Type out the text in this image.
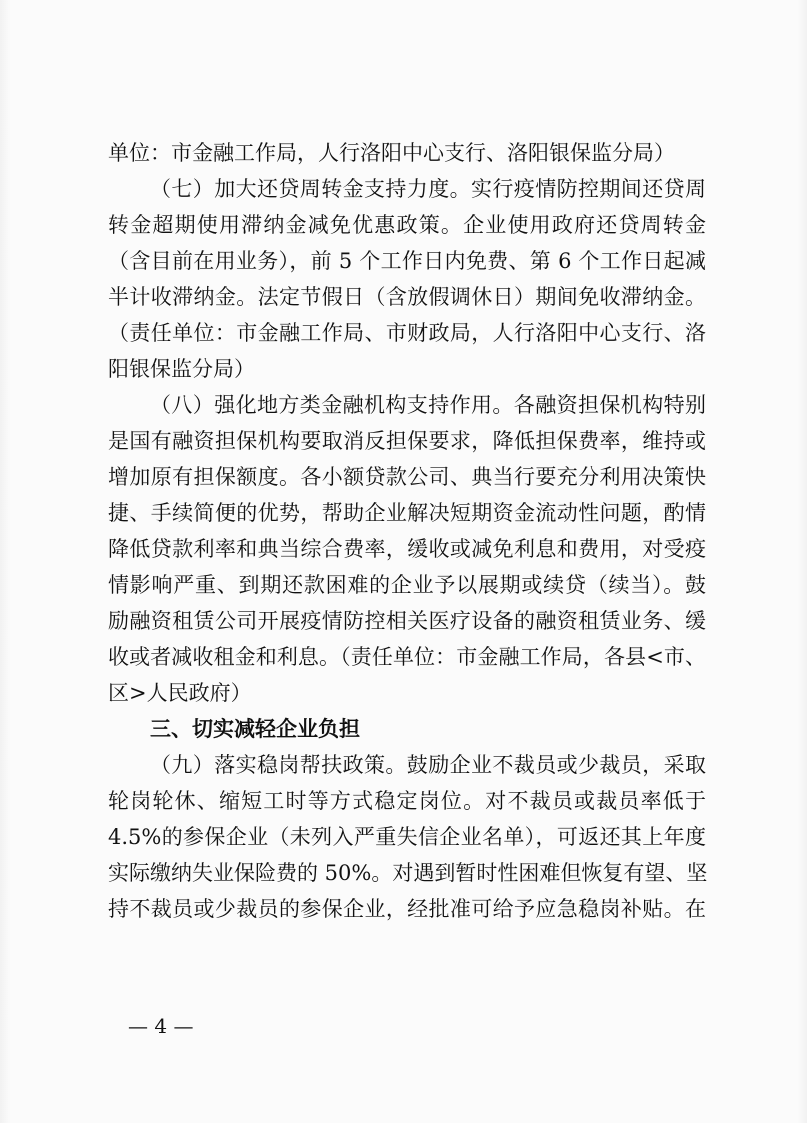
单位：市金融工作局，人行洛阳中心支行、洛阳银保监分局）
（七）加大还贷周转金支持力度。实行疫情防控期间还贷周
转金超期使用滞纳金减免优惠政策。企业使用政府还贷周转金
（含目前在用业务），前 5 个工作日内免费、第 6 个工作日起减
半计收滞纳金。法定节假日（含放假调休日）期间免收滞纳金。
（责任单位：市金融工作局、市财政局，人行洛阳中心支行、洛
阳银保监分局）
（八）强化地方类金融机构支持作用。各融资担保机构特别
是国有融资担保机构要取消反担保要求，降低担保费率，维持或
增加原有担保额度。各小额贷款公司、典当行要充分利用决策快
捷、手续简便的优势，帮助企业解决短期资金流动性问题，酌情
降低贷款利率和典当综合费率，缓收或减免利息和费用，对受疫
情影响严重、到期还款困难的企业予以展期或续贷（续当）。鼓
励融资租赁公司开展疫情防控相关医疗设备的融资租赁业务、缓
收或者减收租金和利息。（责任单位：市金融工作局，各县<市、
区>人民政府）
三、切实减轻企业负担
（九）落实稳岗帮扶政策。鼓励企业不裁员或少裁员，采取
轮岗轮休、缩短工时等方式稳定岗位。对不裁员或裁员率低于
4.5%的参保企业（未列入严重失信企业名单），可返还其上年度
实际缴纳失业保险费的 50%。对遇到暂时性困难但恢复有望、坚
持不裁员或少裁员的参保企业，经批准可给予应急稳岗补贴。在
— 4 —
